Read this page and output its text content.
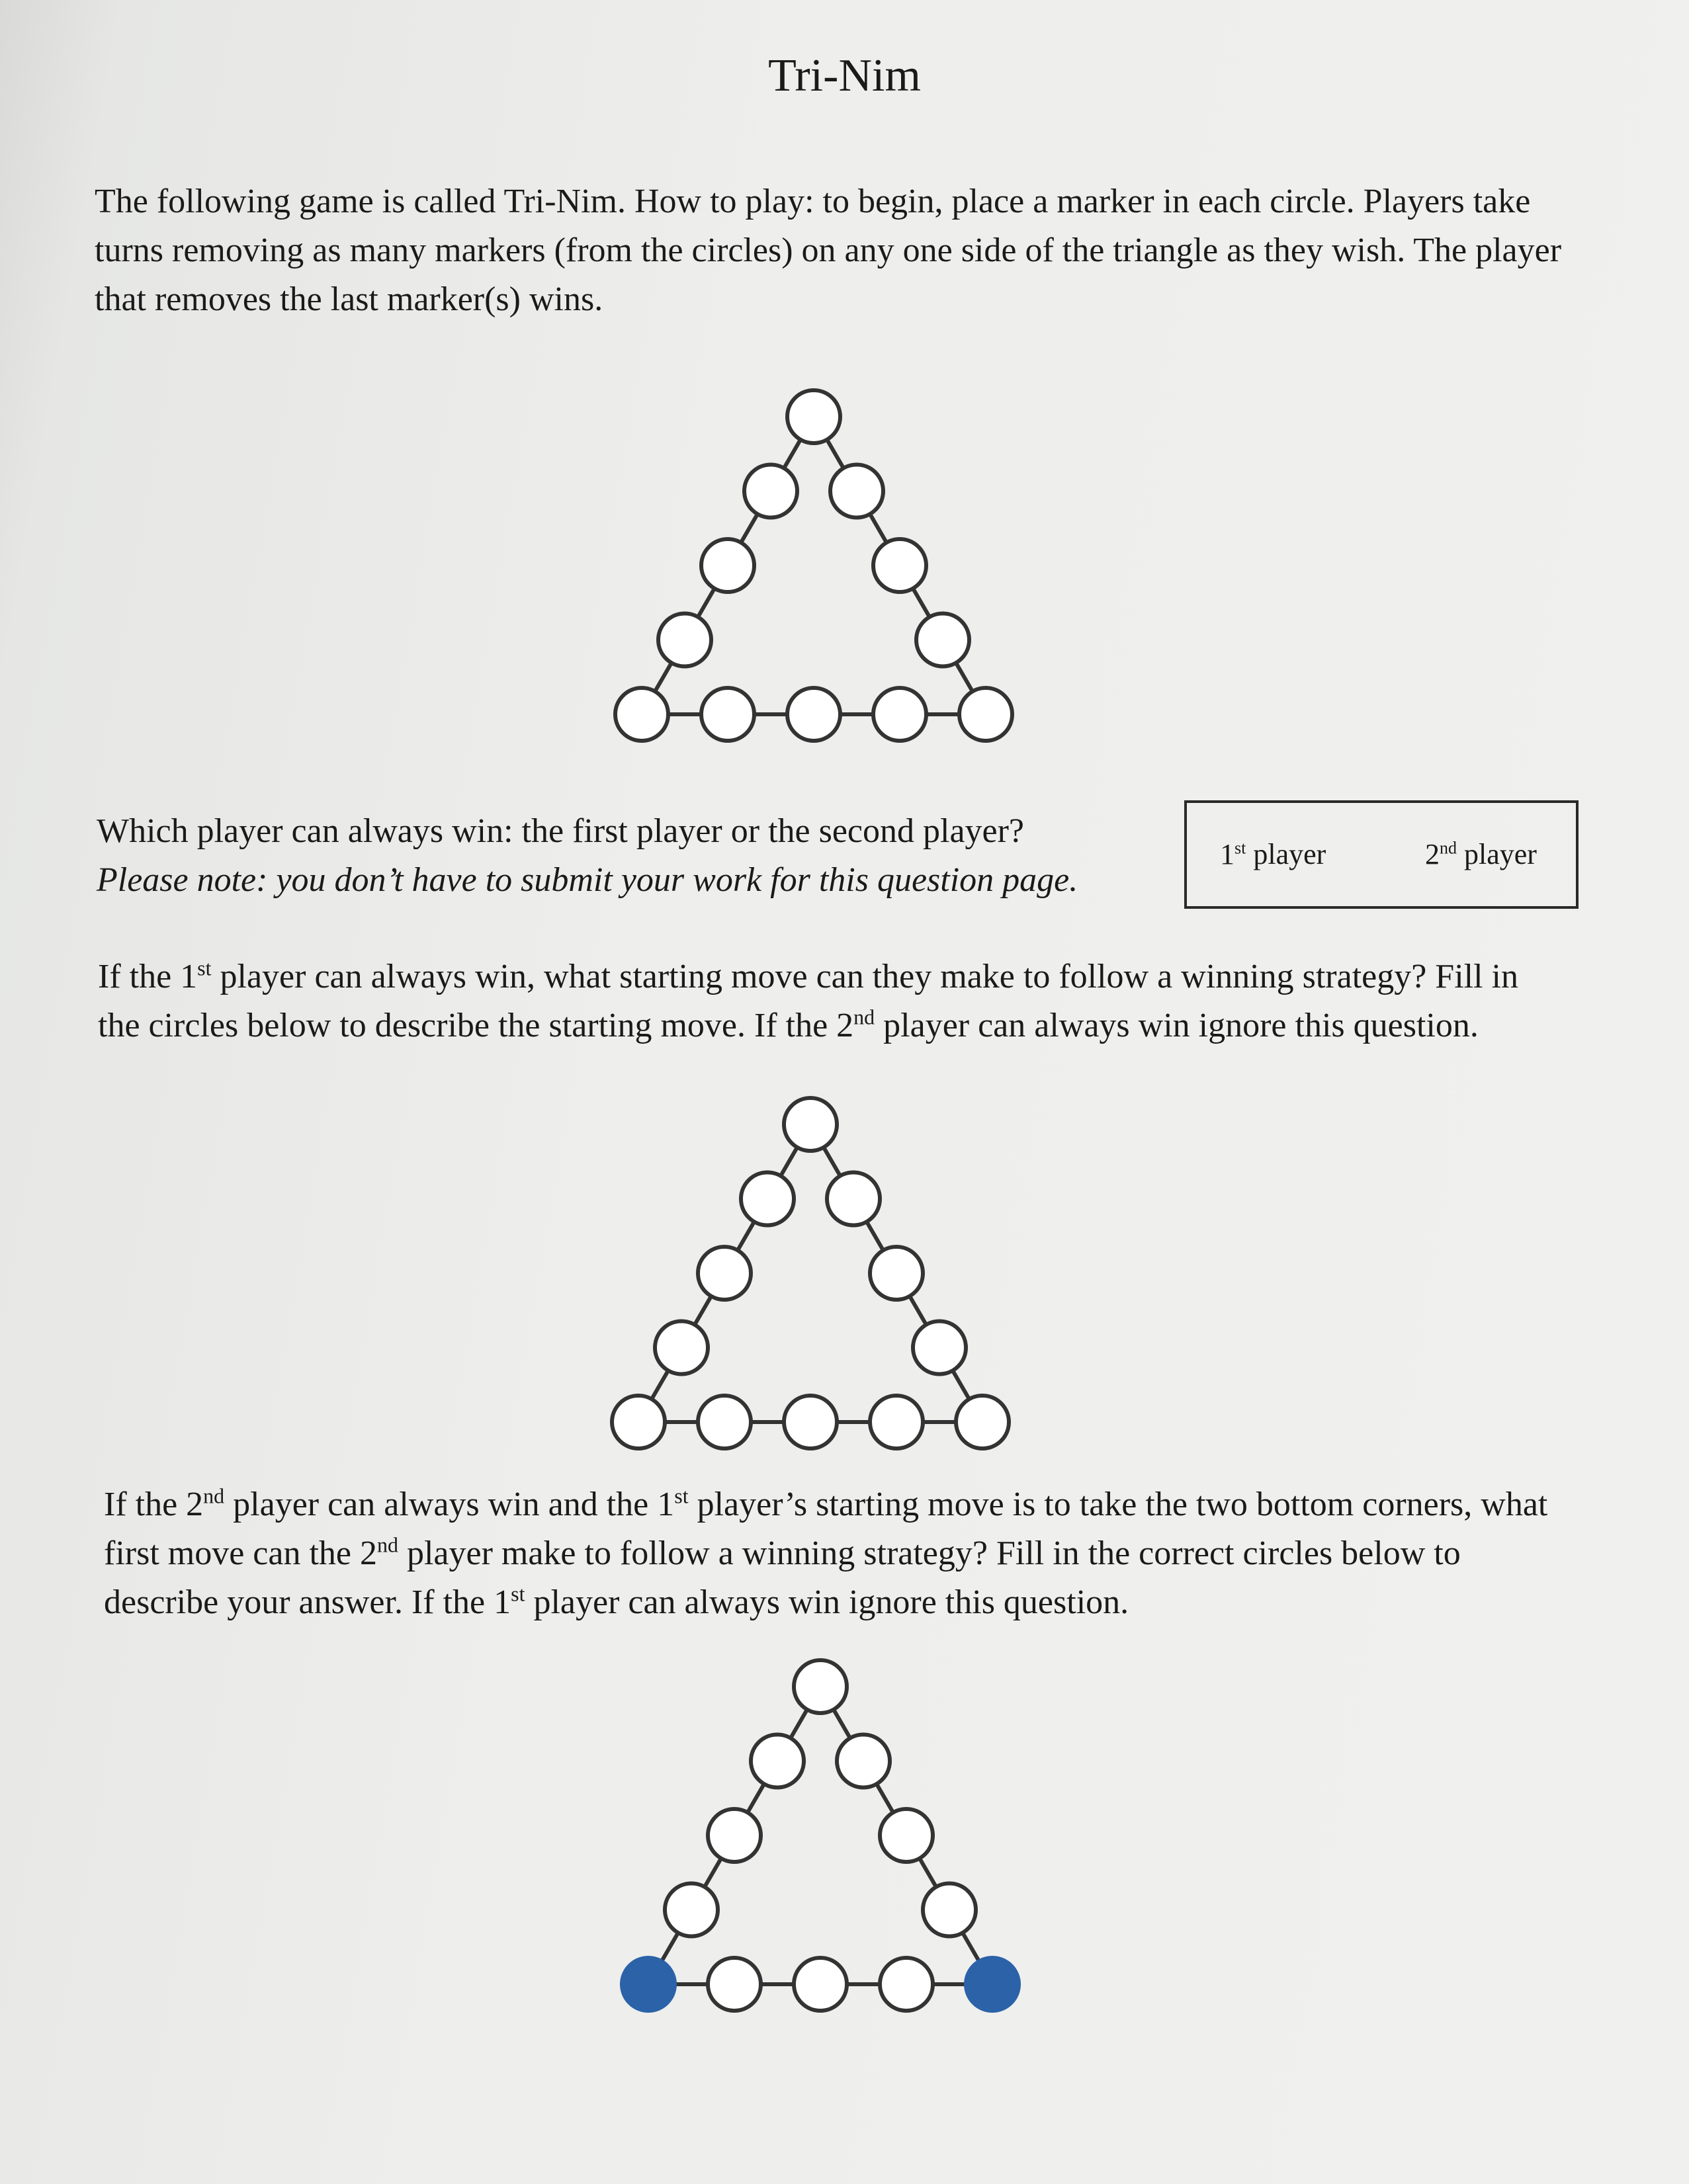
Tri-Nim

The following game is called Tri-Nim. How to play: to begin, place a marker in each circle. Players take turns removing as many markers (from the circles) on any one side of the triangle as they wish. The player that removes the last marker(s) wins.

Which player can always win: the first player or the second player?
Please note: you don’t have to submit your work for this question page.

1st player	2nd player

If the 1st player can always win, what starting move can they make to follow a winning strategy? Fill in the circles below to describe the starting move. If the 2nd player can always win ignore this question.

If the 2nd player can always win and the 1st player’s starting move is to take the two bottom corners, what first move can the 2nd player make to follow a winning strategy? Fill in the correct circles below to describe your answer. If the 1st player can always win ignore this question.
